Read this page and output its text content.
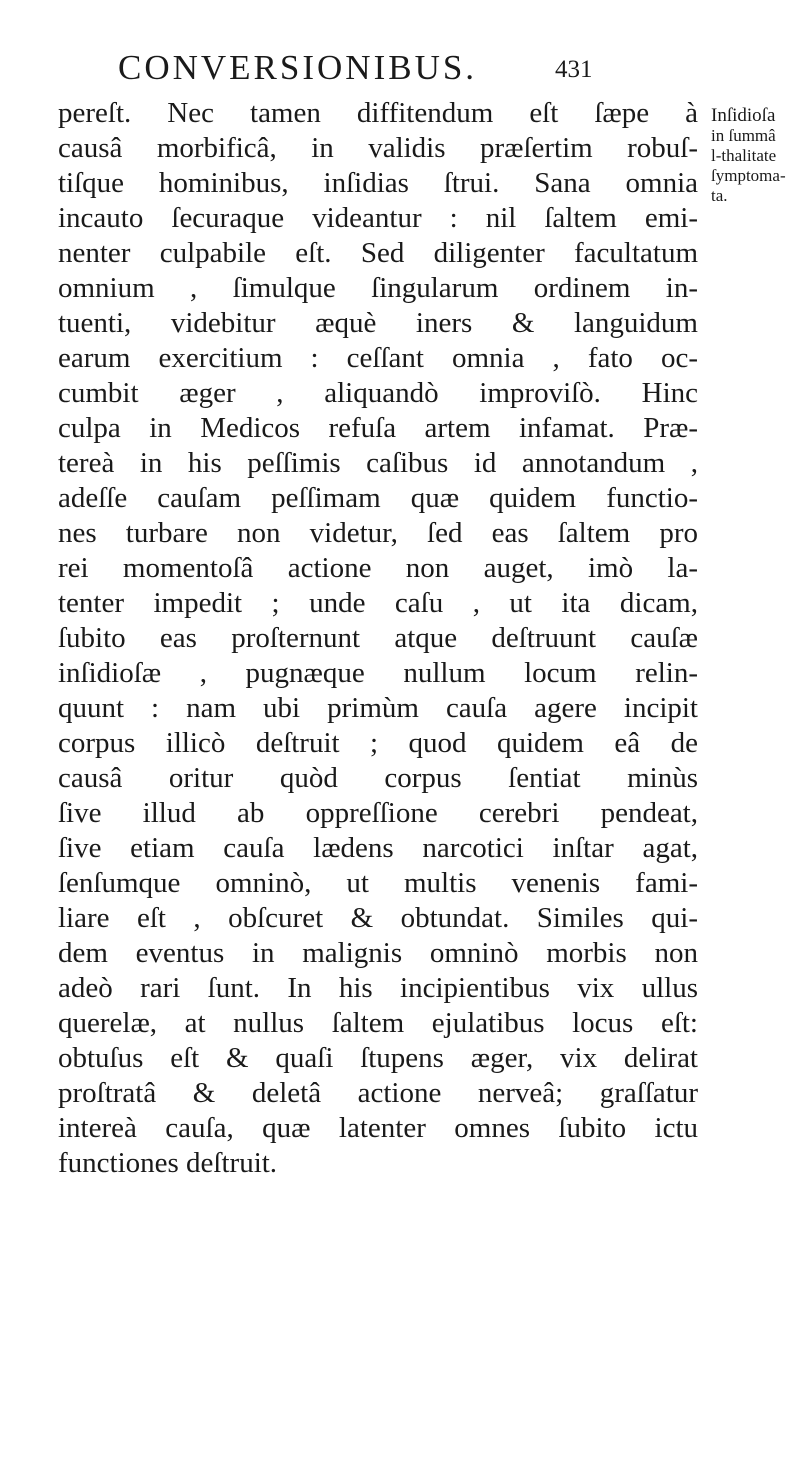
CONVERSIONIBUS.	431
pereſt. Nec tamen diffitendum eſt ſæpe à
causâ morbificâ, in validis præſertim robuſ-
tiſque hominibus, inſidias ſtrui. Sana omnia
incauto ſecuraque videantur : nil ſaltem emi-
nenter culpabile eſt. Sed diligenter facultatum
omnium , ſimulque ſingularum ordinem in-
tuenti, videbitur æquè iners & languidum
earum exercitium : ceſſant omnia , fato oc-
cumbit æger , aliquandò improviſò. Hinc
culpa in Medicos refuſa artem infamat. Præ-
tereà in his peſſimis caſibus id annotandum ,
adeſſe cauſam peſſimam quæ quidem functio-
nes turbare non videtur, ſed eas ſaltem pro
rei momentoſâ actione non auget, imò la-
tenter impedit ; unde caſu , ut ita dicam,
ſubito eas proſternunt atque deſtruunt cauſæ
inſidioſæ , pugnæque nullum locum relin-
quunt : nam ubi primùm cauſa agere incipit
corpus illicò deſtruit ; quod quidem eâ de
causâ oritur quòd corpus ſentiat minùs
ſive illud ab oppreſſione cerebri pendeat,
ſive etiam cauſa lædens narcotici inſtar agat,
ſenſumque omninò, ut multis venenis fami-
liare eſt , obſcuret & obtundat. Similes qui-
dem eventus in malignis omninò morbis non
adeò rari ſunt. In his incipientibus vix ullus
querelæ, at nullus ſaltem ejulatibus locus eſt:
obtuſus eſt & quaſi ſtupens æger, vix delirat
proſtratâ & deletâ actione nerveâ; graſſatur
intereà cauſa, quæ latenter omnes ſubito ictu
functiones deſtruit.
Inſidioſa
in ſummâ
l-thalitate
ſymptoma-
ta.
